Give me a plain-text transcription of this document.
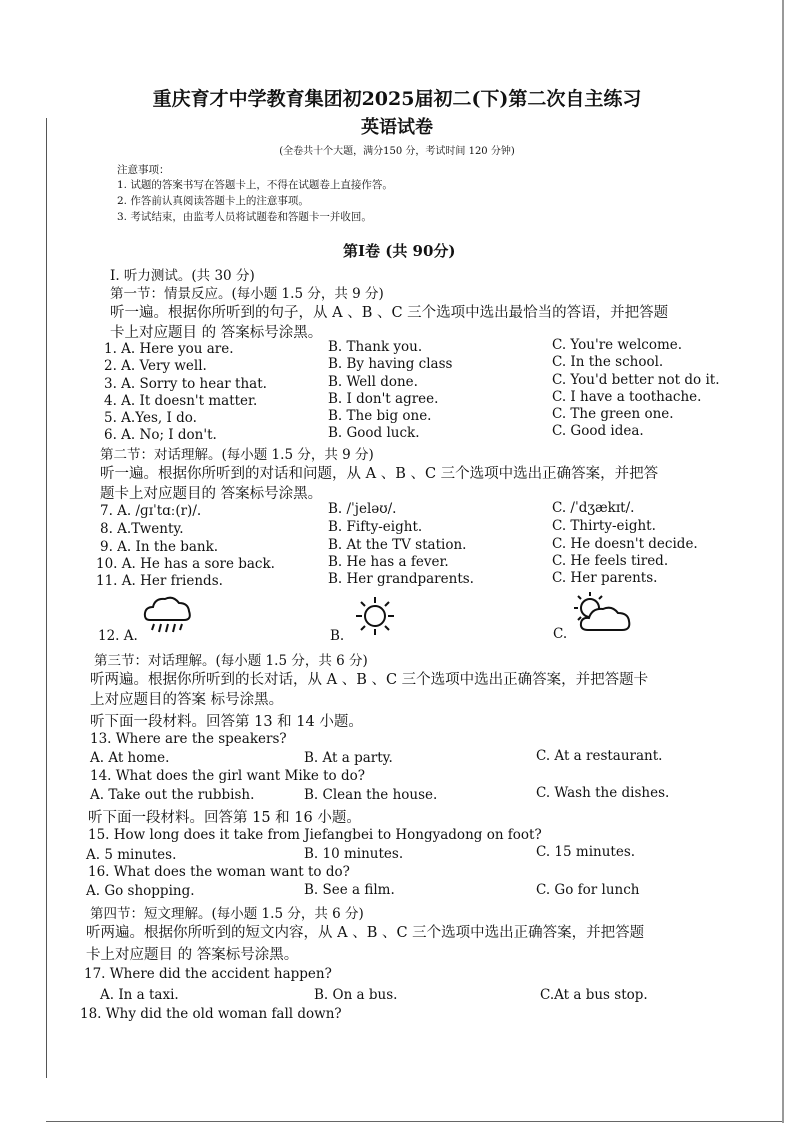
重庆育才中学教育集团初2025届初二(下)第二次自主练习
英语试卷
(全卷共十个大题，满分150 分，考试时间 120 分钟)
注意事项：
1. 试题的答案书写在答题卡上，不得在试题卷上直接作答。
2. 作答前认真阅读答题卡上的注意事项。
3. 考试结束，由监考人员将试题卷和答题卡一并收回。
第Ⅰ卷 (共 90分)
Ⅰ. 听力测试。(共 30 分)
第一节：情景反应。(每小题 1.5 分，共 9 分)
听一遍。根据你所听到的句子，从 A 、B 、C 三个选项中选出最恰当的答语，并把答题
卡上对应题目 的 答案标号涂黑。
1. A. Here you are.	B. Thank you.	C. You're welcome.
2. A. Very well.	B. By having class	C. In the school.
3. A. Sorry to hear that.	B. Well done.	C. You'd better not do it.
4. A. It doesn't matter.	B. I don't agree.	C. I have a toothache.
5. A.Yes, I do.	B. The big one.	C. The green one.
6. A. No; I don't.	B. Good luck.	C. Good idea.
第二节：对话理解。(每小题 1.5 分，共 9 分)
听一遍。根据你所听到的对话和问题，从 A 、B 、C 三个选项中选出正确答案，并把答
题卡上对应题目的 答案标号涂黑。
7. A. /ɡɪˈtɑː(r)/.	B. /ˈjeləʊ/.	C. /ˈdʒækɪt/.
8. A.Twenty.	B. Fifty-eight.	C. Thirty-eight.
9. A. In the bank.	B. At the TV station.	C. He doesn't decide.
10. A. He has a sore back.	B. He has a fever.	C. He feels tired.
11. A. Her friends.	B. Her grandparents.	C. Her parents.
12. A.	B.	C.
第三节：对话理解。(每小题 1.5 分，共 6 分)
听两遍。根据你所听到的长对话，从 A 、B 、C 三个选项中选出正确答案，并把答题卡
上对应题目的答案 标号涂黑。
听下面一段材料。回答第 13 和 14 小题。
13. Where are the speakers?
A. At home.	B. At a party.	C. At a restaurant.
14. What does the girl want Mike to do?
A. Take out the rubbish.	B. Clean the house.	C. Wash the dishes.
听下面一段材料。回答第 15 和 16 小题。
15. How long does it take from Jiefangbei to Hongyadong on foot?
A. 5 minutes.	B. 10 minutes.	C. 15 minutes.
16. What does the woman want to do?
A. Go shopping.	B. See a film.	C. Go for lunch
第四节：短文理解。(每小题 1.5 分，共 6 分)
听两遍。根据你所听到的短文内容，从 A 、B 、C 三个选项中选出正确答案，并把答题
卡上对应题目 的 答案标号涂黑。
17. Where did the accident happen?
A. In a taxi.	B. On a bus.	C.At a bus stop.
18. Why did the old woman fall down?
